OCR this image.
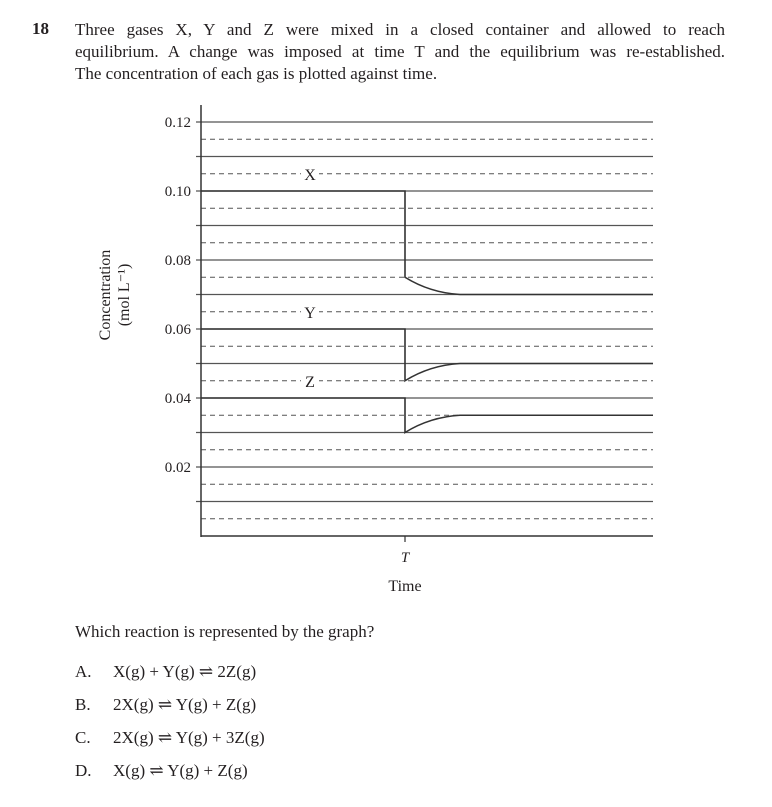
18 Three gases X, Y and Z were mixed in a closed container and allowed to reach

equilibrium. A change was imposed at time T and the equilibrium was re-established.

The concentration of each gas is plotted against time.

Concentration (mol L⁻¹)
0.02
0.04
0.06
0.08
0.10
0.12
T
Time
X
Y
Z
Which reaction is represented by the graph?
A.	X(g) + Y(g) ⇌ 2Z(g)
B.	2X(g) ⇌ Y(g) + Z(g)
C.	2X(g) ⇌ Y(g) + 3Z(g)
D.	X(g) ⇌ Y(g) + Z(g)
